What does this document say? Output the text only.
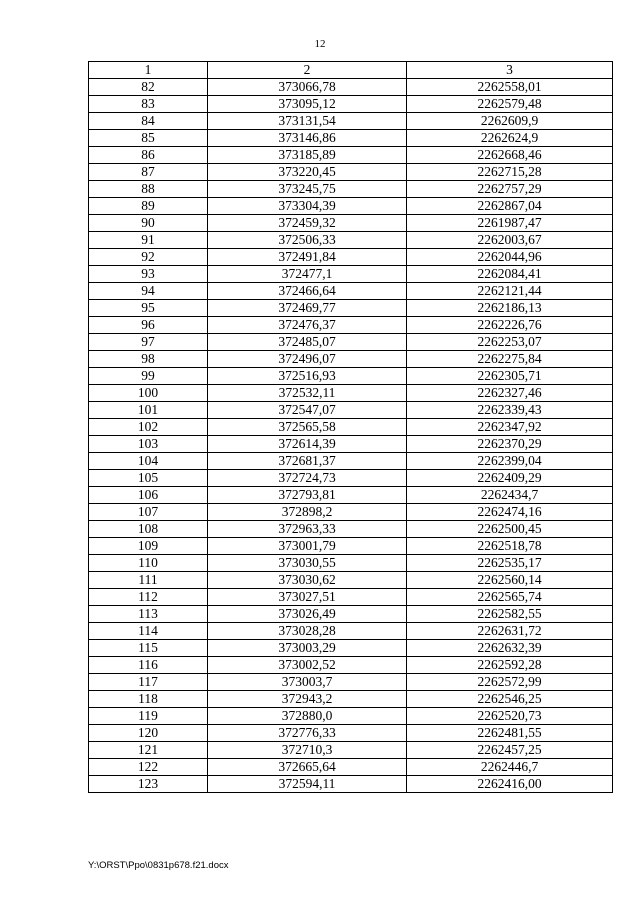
12
1	2	3
82	373066,78	2262558,01
83	373095,12	2262579,48
84	373131,54	2262609,9
85	373146,86	2262624,9
86	373185,89	2262668,46
87	373220,45	2262715,28
88	373245,75	2262757,29
89	373304,39	2262867,04
90	372459,32	2261987,47
91	372506,33	2262003,67
92	372491,84	2262044,96
93	372477,1	2262084,41
94	372466,64	2262121,44
95	372469,77	2262186,13
96	372476,37	2262226,76
97	372485,07	2262253,07
98	372496,07	2262275,84
99	372516,93	2262305,71
100	372532,11	2262327,46
101	372547,07	2262339,43
102	372565,58	2262347,92
103	372614,39	2262370,29
104	372681,37	2262399,04
105	372724,73	2262409,29
106	372793,81	2262434,7
107	372898,2	2262474,16
108	372963,33	2262500,45
109	373001,79	2262518,78
110	373030,55	2262535,17
111	373030,62	2262560,14
112	373027,51	2262565,74
113	373026,49	2262582,55
114	373028,28	2262631,72
115	373003,29	2262632,39
116	373002,52	2262592,28
117	373003,7	2262572,99
118	372943,2	2262546,25
119	372880,0	2262520,73
120	372776,33	2262481,55
121	372710,3	2262457,25
122	372665,64	2262446,7
123	372594,11	2262416,00
Y:\ORST\Ppo\0831p678.f21.docx
